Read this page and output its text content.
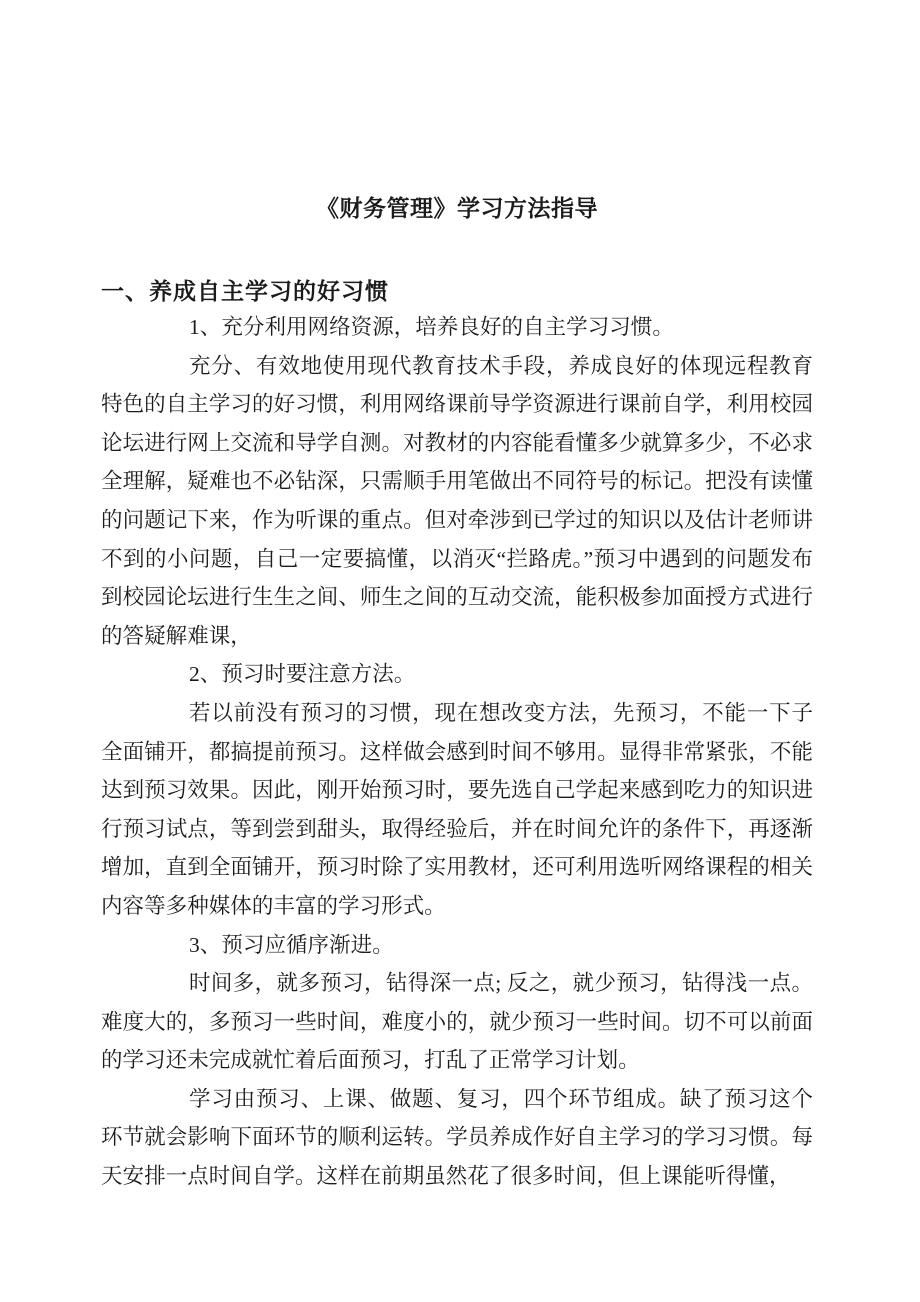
《财务管理》学习方法指导
一、养成自主学习的好习惯

1、充分利用网络资源，培养良好的自主学习习惯。

充分、有效地使用现代教育技术手段，养成良好的体现远程教育特色的自主学习的好习惯，利用网络课前导学资源进行课前自学，利用校园论坛进行网上交流和导学自测。对教材的内容能看懂多少就算多少，不必求全理解，疑难也不必钻深，只需顺手用笔做出不同符号的标记。把没有读懂的问题记下来，作为听课的重点。但对牵涉到已学过的知识以及估计老师讲不到的小问题，自己一定要搞懂，以消灭“拦路虎。”预习中遇到的问题发布到校园论坛进行生生之间、师生之间的互动交流，能积极参加面授方式进行的答疑解难课，

2、预习时要注意方法。

若以前没有预习的习惯，现在想改变方法，先预习，不能一下子全面铺开，都搞提前预习。这样做会感到时间不够用。显得非常紧张，不能达到预习效果。因此，刚开始预习时，要先选自己学起来感到吃力的知识进行预习试点，等到尝到甜头，取得经验后，并在时间允许的条件下，再逐渐增加，直到全面铺开，预习时除了实用教材，还可利用选听网络课程的相关内容等多种媒体的丰富的学习形式。

3、预习应循序渐进。

时间多，就多预习，钻得深一点; 反之，就少预习，钻得浅一点。难度大的，多预习一些时间，难度小的，就少预习一些时间。切不可以前面的学习还未完成就忙着后面预习，打乱了正常学习计划。

学习由预习、上课、做题、复习，四个环节组成。缺了预习这个环节就会影响下面环节的顺利运转。学员养成作好自主学习的学习习惯。每天安排一点时间自学。这样在前期虽然花了很多时间，但上课能听得懂，
